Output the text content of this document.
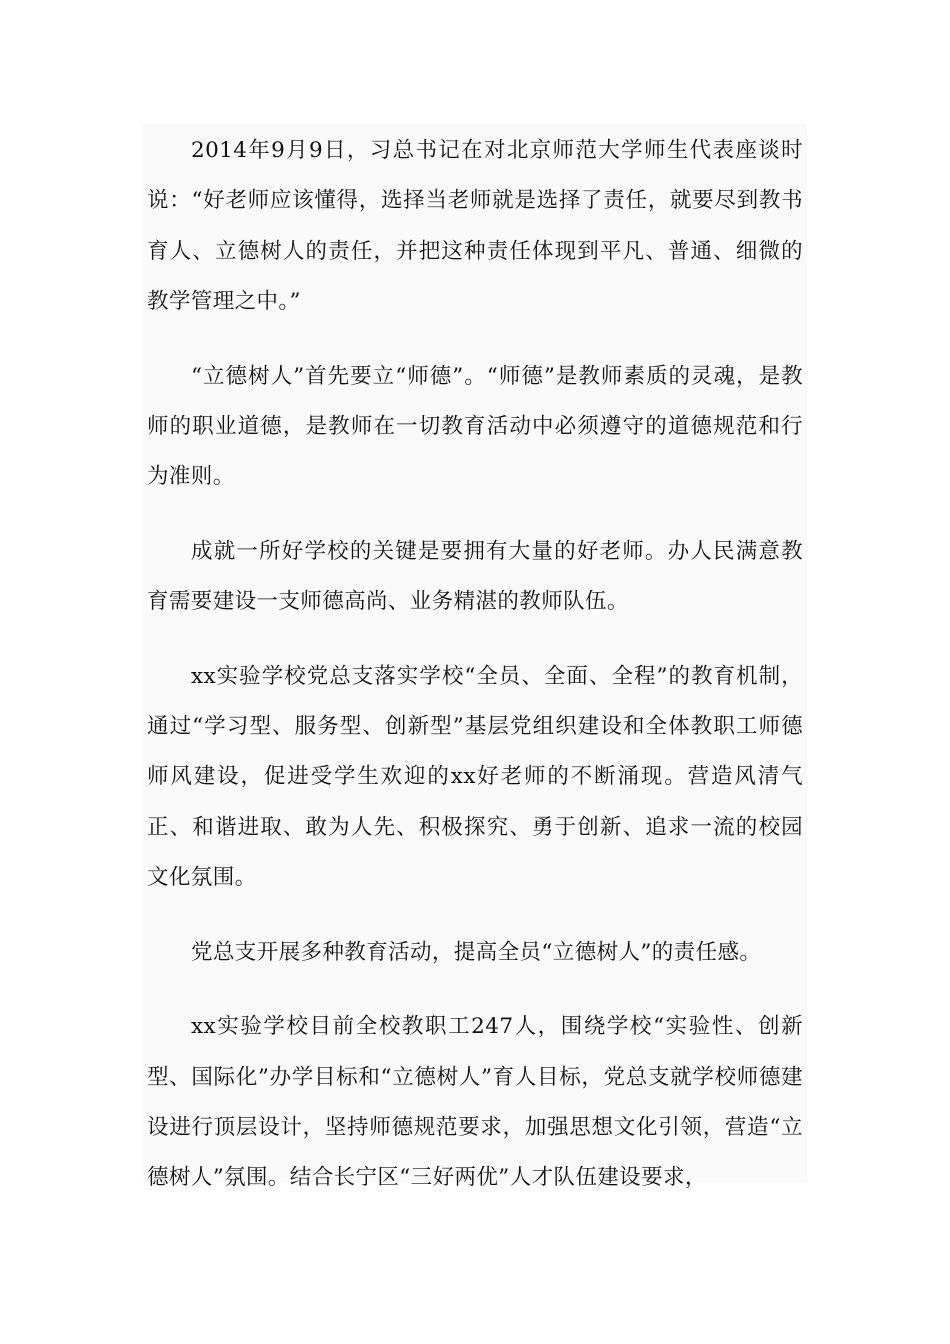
2014年9月9日，习总书记在对北京师范大学师生代表座谈时说：“好老师应该懂得，选择当老师就是选择了责任，就要尽到教书育人、立德树人的责任，并把这种责任体现到平凡、普通、细微的教学管理之中。”

“立德树人”首先要立“师德”。“师德”是教师素质的灵魂，是教师的职业道德，是教师在一切教育活动中必须遵守的道德规范和行为准则。

成就一所好学校的关键是要拥有大量的好老师。办人民满意教育需要建设一支师德高尚、业务精湛的教师队伍。

xx实验学校党总支落实学校“全员、全面、全程”的教育机制，通过“学习型、服务型、创新型”基层党组织建设和全体教职工师德师风建设，促进受学生欢迎的xx好老师的不断涌现。营造风清气正、和谐进取、敢为人先、积极探究、勇于创新、追求一流的校园文化氛围。

党总支开展多种教育活动，提高全员“立德树人”的责任感。

xx实验学校目前全校教职工247人，围绕学校“实验性、创新型、国际化”办学目标和“立德树人”育人目标，党总支就学校师德建设进行顶层设计，坚持师德规范要求，加强思想文化引领，营造“立德树人”氛围。结合长宁区“三好两优”人才队伍建设要求，
